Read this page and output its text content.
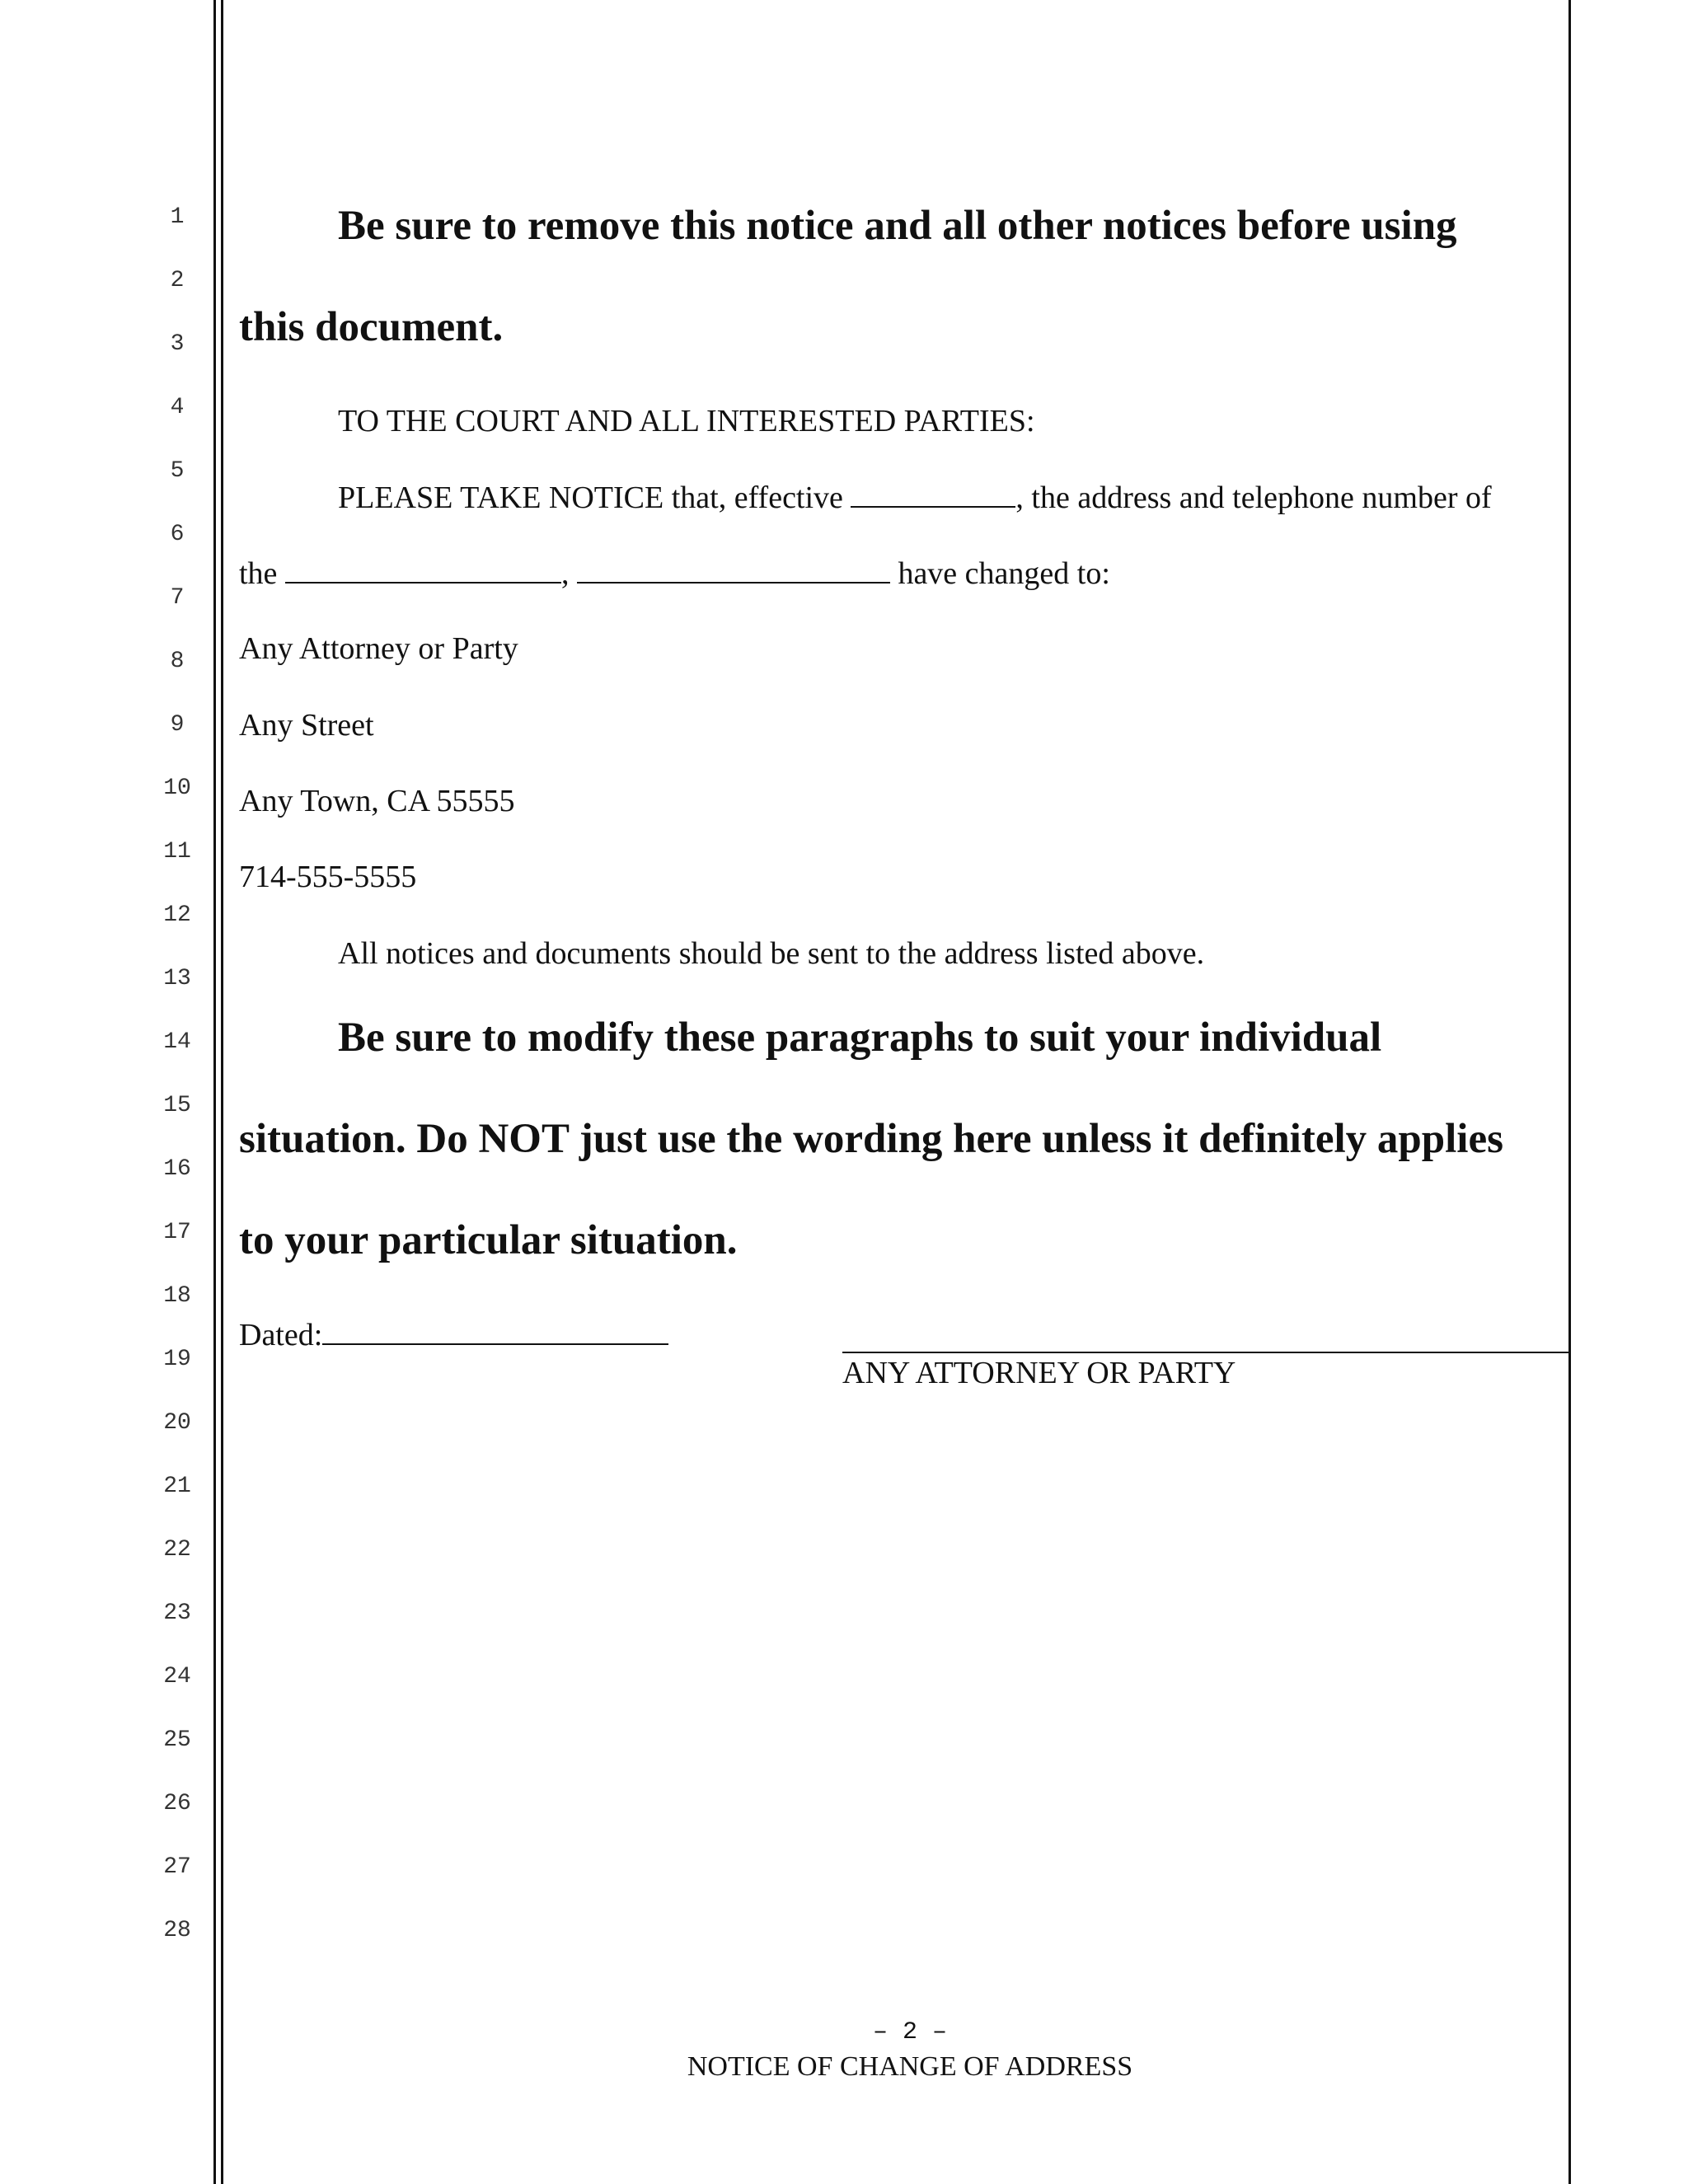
1
2
3
4
5
6
7
8
9
10
11
12
13
14
15
16
17
18
19
20
21
22
23
24
25
26
27
28
Be sure to remove this notice and all other notices before using
this document.
TO THE COURT AND ALL INTERESTED PARTIES:
PLEASE TAKE NOTICE that, effective	, the address and telephone number of
the	,	have changed to:
Any Attorney or Party
Any Street
Any Town, CA 55555
714-555-5555
All notices and documents should be sent to the address listed above.
Be sure to modify these paragraphs to suit your individual
situation. Do NOT just use the wording here unless it definitely applies
to your particular situation.
Dated:
ANY ATTORNEY OR PARTY
– 2 –
NOTICE OF CHANGE OF ADDRESS
